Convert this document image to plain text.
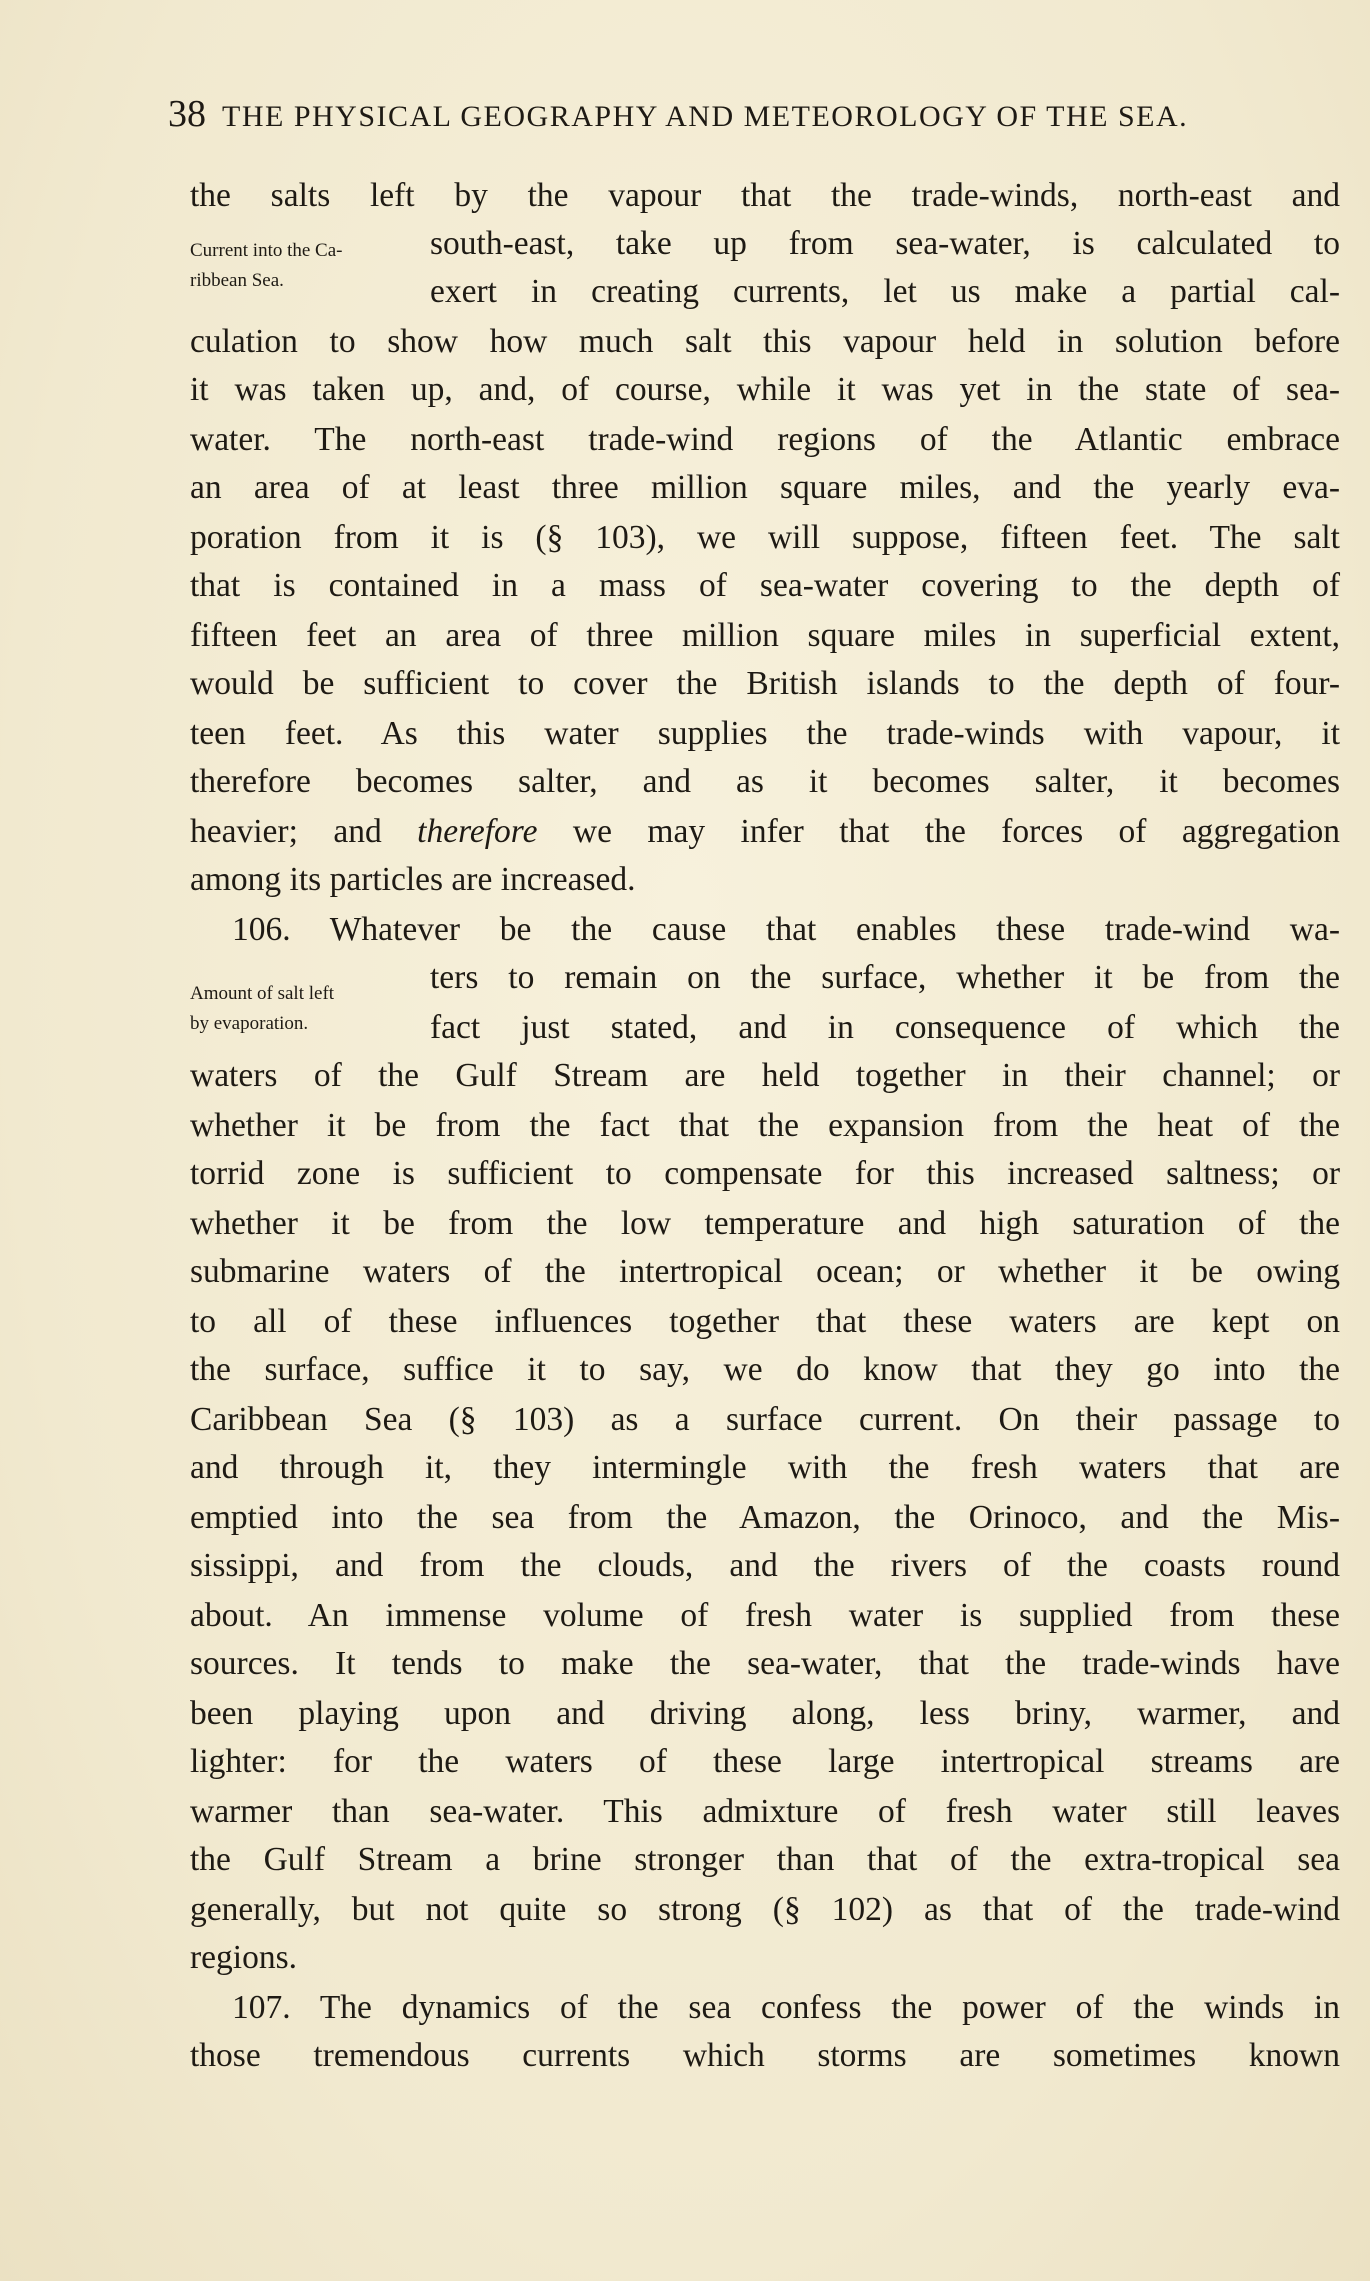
38 THE PHYSICAL GEOGRAPHY AND METEOROLOGY OF THE SEA.
Current into the Ca-
ribbean Sea.
Amount of salt left
by evaporation.
the salts left by the vapour that the trade-winds, north-east and
south-east, take up from sea-water, is calculated to
exert in creating currents, let us make a partial cal-
culation to show how much salt this vapour held in solution before
it was taken up, and, of course, while it was yet in the state of sea-
water. The north-east trade-wind regions of the Atlantic embrace
an area of at least three million square miles, and the yearly eva-
poration from it is (§ 103), we will suppose, fifteen feet. The salt
that is contained in a mass of sea-water covering to the depth of
fifteen feet an area of three million square miles in superficial extent,
would be sufficient to cover the British islands to the depth of four-
teen feet. As this water supplies the trade-winds with vapour, it
therefore becomes salter, and as it becomes salter, it becomes
heavier; and therefore we may infer that the forces of aggregation
among its particles are increased.
106. Whatever be the cause that enables these trade-wind wa-
ters to remain on the surface, whether it be from the
fact just stated, and in consequence of which the
waters of the Gulf Stream are held together in their channel; or
whether it be from the fact that the expansion from the heat of the
torrid zone is sufficient to compensate for this increased saltness; or
whether it be from the low temperature and high saturation of the
submarine waters of the intertropical ocean; or whether it be owing
to all of these influences together that these waters are kept on
the surface, suffice it to say, we do know that they go into the
Caribbean Sea (§ 103) as a surface current. On their passage to
and through it, they intermingle with the fresh waters that are
emptied into the sea from the Amazon, the Orinoco, and the Mis-
sissippi, and from the clouds, and the rivers of the coasts round
about. An immense volume of fresh water is supplied from these
sources. It tends to make the sea-water, that the trade-winds have
been playing upon and driving along, less briny, warmer, and
lighter: for the waters of these large intertropical streams are
warmer than sea-water. This admixture of fresh water still leaves
the Gulf Stream a brine stronger than that of the extra-tropical sea
generally, but not quite so strong (§ 102) as that of the trade-wind
regions.
107. The dynamics of the sea confess the power of the winds in
those tremendous currents which storms are sometimes known
